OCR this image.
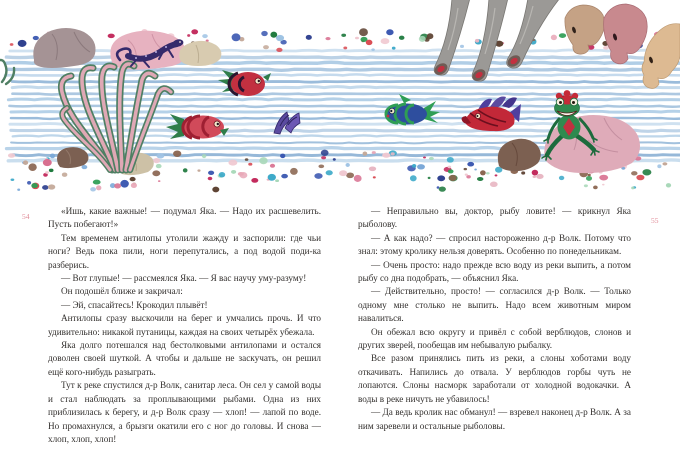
54	55

«Ишь, какие важные! — подумал Яка. — Надо их расшевелить. Пусть побегают!»

Тем временем антилопы утолили жажду и заспорили: где чьи ноги? Ведь пока пили, ноги перепутались, а под водой поди-ка разберись.

— Вот глупые! — рассмеялся Яка. — Я вас научу уму-разуму!

Он подошёл ближе и закричал:

— Эй, спасайтесь! Крокодил плывёт!

Антилопы сразу выскочили на берег и умчались прочь. И что удивительно: никакой путаницы, каждая на своих четырёх убежала.

Яка долго потешался над бестолковыми антилопами и остался доволен своей шуткой. А чтобы и дальше не заскучать, он решил ещё кого-нибудь разыграть.

Тут к реке спустился д-р Волк, санитар леса. Он сел у самой воды и стал наблюдать за проплывающими рыбами. Одна из них приблизилась к берегу, и д-р Волк сразу — хлоп! — лапой по воде. Но промахнулся, а брызги окатили его с ног до головы. И снова — хлоп, хлоп, хлоп!

— Неправильно вы, доктор, рыбу ловите! — крикнул Яка рыболову.

— А как надо? — спросил настороженно д-р Волк. Потому что знал: этому кролику нельзя доверять. Особенно по понедельникам.

— Очень просто: надо прежде всю воду из реки выпить, а потом рыбу со дна подобрать, — объяснил Яка.

— Действительно, просто! — согласился д-р Волк. — Только одному мне столько не выпить. Надо всем животным миром навалиться.

Он обежал всю округу и привёл с собой верблюдов, слонов и других зверей, пообещав им небывалую рыбалку.

Все разом принялись пить из реки, а слоны хоботами воду откачивать. Напились до отвала. У верблюдов горбы чуть не лопаются. Слоны насморк заработали от холодной водокачки. А воды в реке ничуть не убавилось!

— Да ведь кролик нас обманул! — взревел наконец д-р Волк. А за ним заревели и остальные рыболовы.
